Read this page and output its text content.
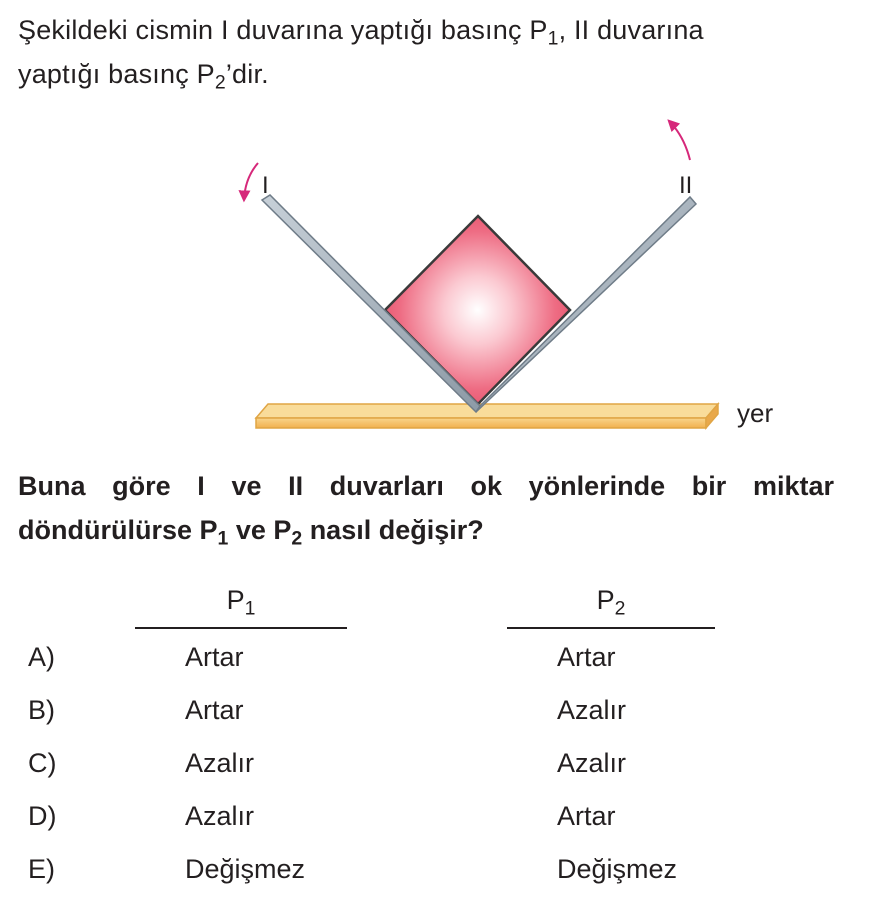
Şekildeki cismin I duvarına yaptığı basınç $P_1$, II duvarına
yaptığı basınç $P_2’dir$.
I	II
yer
Buna göre I ve II duvarları ok yönlerinde bir miktar döndürülürse $P_1$ ve $P_2$ nasıl değişir?
$P_1$	$P_2$
A)	Artar	Artar
B)	Artar	Azalır
C)	Azalır	Azalır
D)	Azalır	Artar
E)	Değişmez	Değişmez
